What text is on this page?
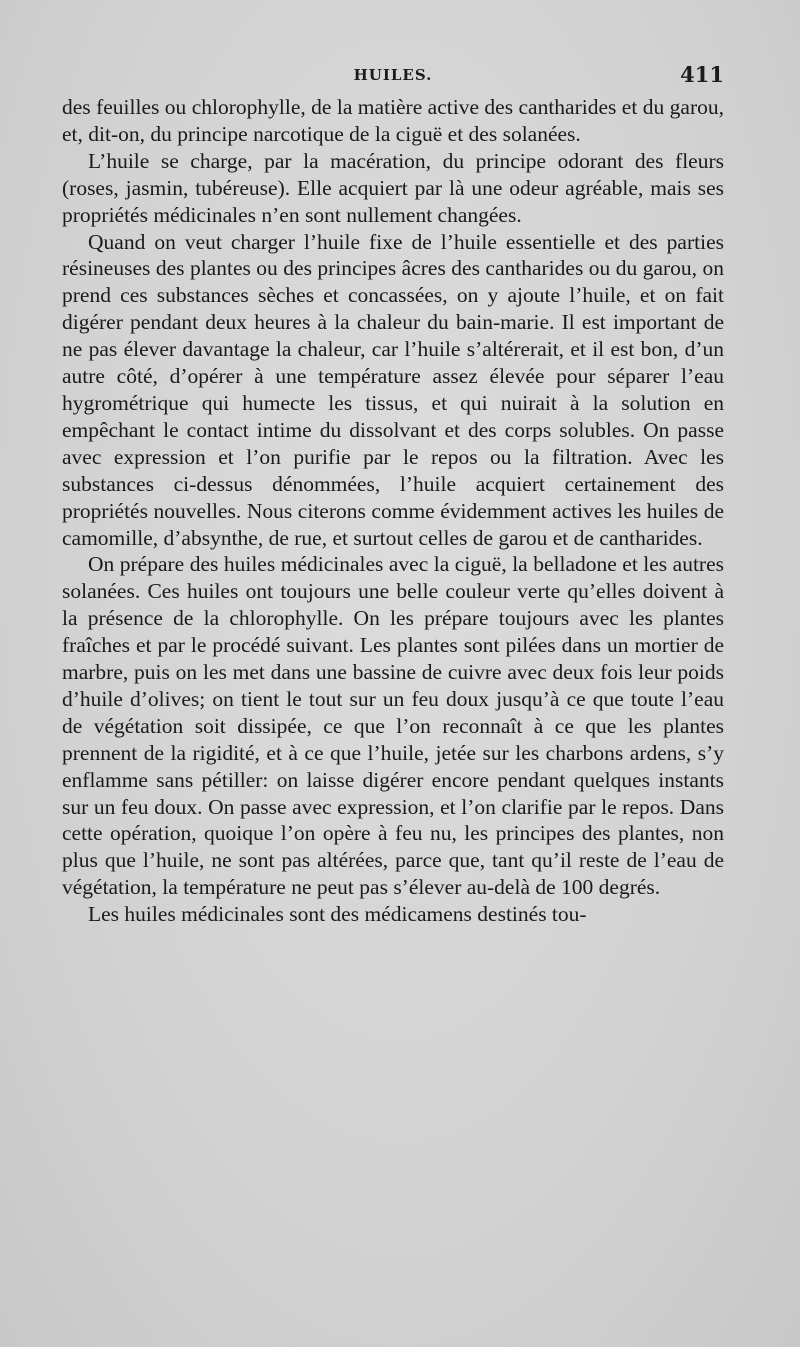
HUILES.	411

des feuilles ou chlorophylle, de la matière active des cantharides et du garou, et, dit-on, du principe narcotique de la ciguë et des solanées.

L’huile se charge, par la macération, du principe odorant des fleurs (roses, jasmin, tubéreuse). Elle acquiert par là une odeur agréable, mais ses propriétés médicinales n’en sont nullement changées.

Quand on veut charger l’huile fixe de l’huile essentielle et des parties résineuses des plantes ou des principes âcres des cantharides ou du garou, on prend ces substances sèches et concassées, on y ajoute l’huile, et on fait digérer pendant deux heures à la chaleur du bain-marie. Il est important de ne pas élever davantage la chaleur, car l’huile s’altérerait, et il est bon, d’un autre côté, d’opérer à une température assez élevée pour séparer l’eau hygrométrique qui humecte les tissus, et qui nuirait à la solution en empêchant le contact intime du dissolvant et des corps solubles. On passe avec expression et l’on purifie par le repos ou la filtration. Avec les substances ci-dessus dénommées, l’huile acquiert certainement des propriétés nouvelles. Nous citerons comme évidemment actives les huiles de camomille, d’absynthe, de rue, et surtout celles de garou et de cantharides.

On prépare des huiles médicinales avec la ciguë, la belladone et les autres solanées. Ces huiles ont toujours une belle couleur verte qu’elles doivent à la présence de la chlorophylle. On les prépare toujours avec les plantes fraîches et par le procédé suivant. Les plantes sont pilées dans un mortier de marbre, puis on les met dans une bassine de cuivre avec deux fois leur poids d’huile d’olives; on tient le tout sur un feu doux jusqu’à ce que toute l’eau de végétation soit dissipée, ce que l’on reconnaît à ce que les plantes prennent de la rigidité, et à ce que l’huile, jetée sur les charbons ardens, s’y enflamme sans pétiller: on laisse digérer encore pendant quelques instants sur un feu doux. On passe avec expression, et l’on clarifie par le repos. Dans cette opération, quoique l’on opère à feu nu, les principes des plantes, non plus que l’huile, ne sont pas altérées, parce que, tant qu’il reste de l’eau de végétation, la température ne peut pas s’élever au-delà de 100 degrés.

Les huiles médicinales sont des médicamens destinés tou-
